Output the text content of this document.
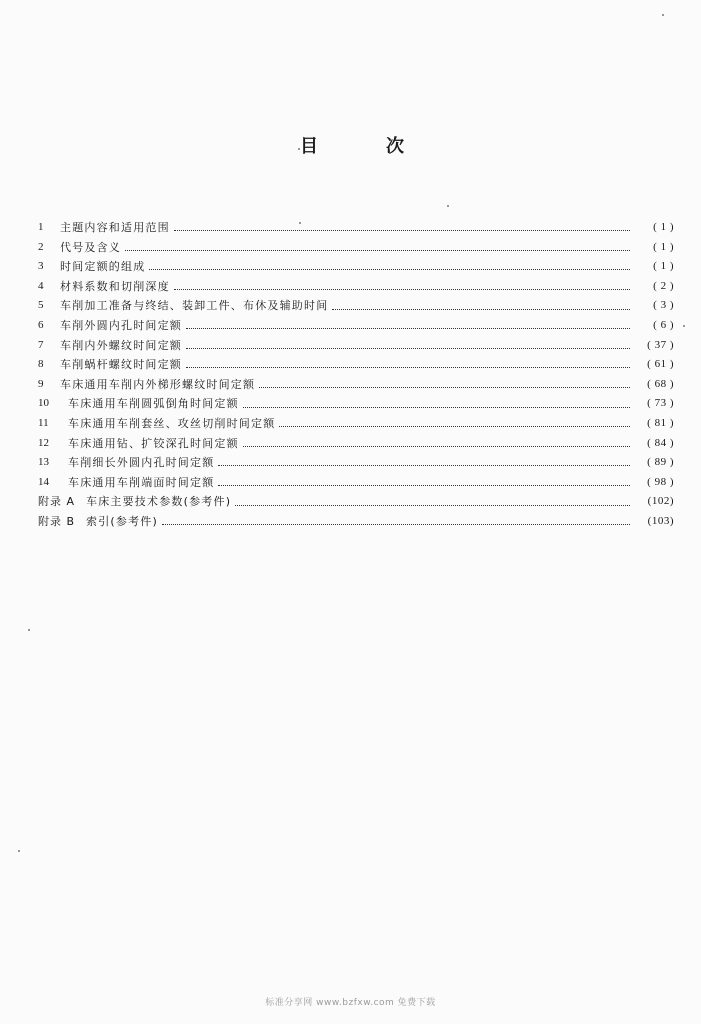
目	次
1	主题内容和适用范围	( 1 )
2	代号及含义	( 1 )
3	时间定额的组成	( 1 )
4	材料系数和切削深度	( 2 )
5	车削加工准备与终结、装卸工件、布休及辅助时间	( 3 )
6	车削外圆内孔时间定额	( 6 )
7	车削内外螺纹时间定额	( 37 )
8	车削蜗杆螺纹时间定额	( 61 )
9	车床通用车削内外梯形螺纹时间定额	( 68 )
10	车床通用车削圆弧倒角时间定额	( 73 )
11	车床通用车削套丝、攻丝切削时间定额	( 81 )
12	车床通用钻、扩铰深孔时间定额	( 84 )
13	车削细长外圆内孔时间定额	( 89 )
14	车床通用车削端面时间定额	( 98 )
附录 A 车床主要技术参数(参考件)	(102)
附录 B 索引(参考件)	(103)
标准分享网 www.bzfxw.com 免费下载
